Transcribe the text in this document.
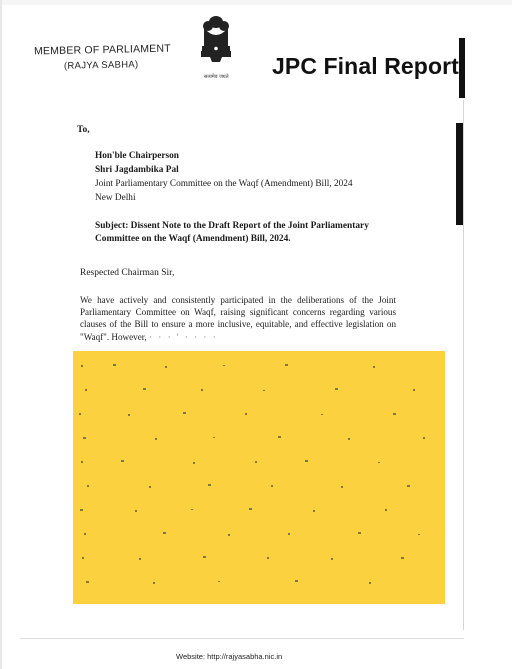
MEMBER OF PARLIAMENT
(RAJYA SABHA)
सत्यमेव जयते JPC Final Report
To,
Hon'ble Chairperson
Shri Jagdambika Pal
Joint Parliamentary Committee on the Waqf (Amendment) Bill, 2024
New Delhi
Subject: Dissent Note to the Draft Report of the Joint Parliamentary Committee on the Waqf (Amendment) Bill, 2024.
Respected Chairman Sir,
We have actively and consistently participated in the deliberations of the Joint Parliamentary Committee on Waqf, raising significant concerns regarding various clauses of the Bill to ensure a more inclusive, equitable, and effective legislation on "Waqf". However, · · · ' · · · ·
Website: http://rajyasabha.nic.in
